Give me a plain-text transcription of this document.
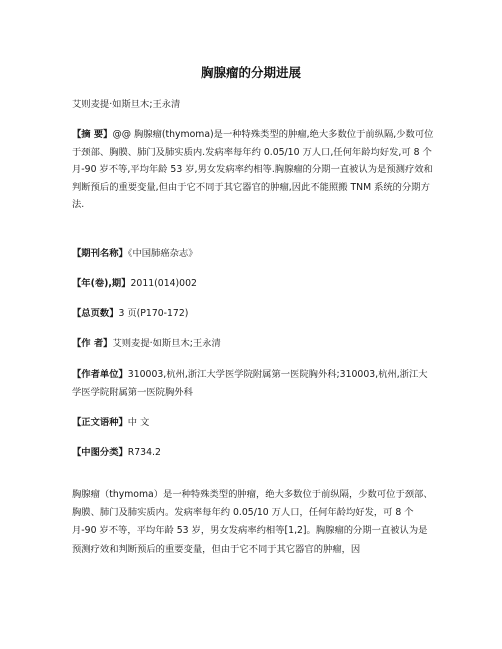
胸腺瘤的分期进展
艾则麦提·如斯旦木;王永清
【摘 要】@@ 胸腺瘤(thymoma)是一种特殊类型的肿瘤,绝大多数位于前纵隔,少数可位于颈部、胸膜、肺门及肺实质内.发病率每年约 0.05/10 万人口,任何年龄均好发,可 8 个月-90 岁不等,平均年龄 53 岁,男女发病率约相等.胸腺瘤的分期一直被认为是预测疗效和判断预后的重要变量,但由于它不同于其它器官的肿瘤,因此不能照搬 TNM 系统的分期方法.
【期刊名称】《中国肺癌杂志》
【年(卷),期】2011(014)002
【总页数】3 页(P170-172)
【作 者】艾则麦提·如斯旦木;王永清
【作者单位】310003,杭州,浙江大学医学院附属第一医院胸外科;310003,杭州,浙江大学医学院附属第一医院胸外科
【正文语种】中 文
【中图分类】R734.2
胸腺瘤（thymoma）是一种特殊类型的肿瘤，绝大多数位于前纵隔，少数可位于颈部、胸膜、肺门及肺实质内。发病率每年约 0.05/10 万人口，任何年龄均好发，可 8 个月-90 岁不等，平均年龄 53 岁，男女发病率约相等[1,2]。胸腺瘤的分期一直被认为是预测疗效和判断预后的重要变量，但由于它不同于其它器官的肿瘤，因
